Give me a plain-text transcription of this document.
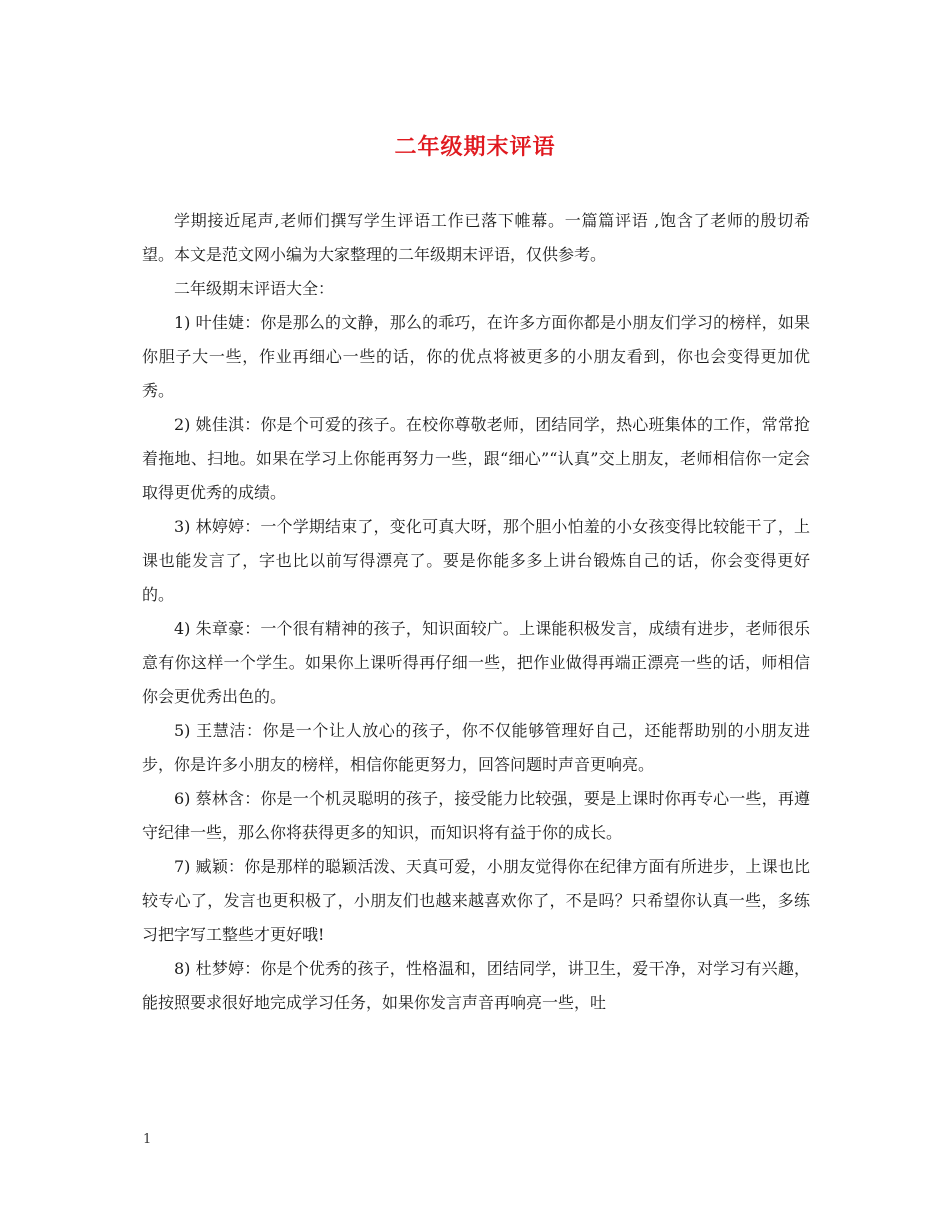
二年级期末评语

学期接近尾声,老师们撰写学生评语工作已落下帷幕。一篇篇评语 ,饱含了老师的殷切希望。本文是范文网小编为大家整理的二年级期末评语，仅供参考。

二年级期末评语大全：

1) 叶佳婕：你是那么的文静，那么的乖巧，在许多方面你都是小朋友们学习的榜样，如果你胆子大一些，作业再细心一些的话，你的优点将被更多的小朋友看到，你也会变得更加优秀。

2) 姚佳淇：你是个可爱的孩子。在校你尊敬老师，团结同学，热心班集体的工作，常常抢着拖地、扫地。如果在学习上你能再努力一些，跟“细心”“认真”交上朋友，老师相信你一定会取得更优秀的成绩。

3) 林婷婷：一个学期结束了，变化可真大呀，那个胆小怕羞的小女孩变得比较能干了，上课也能发言了，字也比以前写得漂亮了。要是你能多多上讲台锻炼自己的话，你会变得更好的。

4) 朱章豪：一个很有精神的孩子，知识面较广。上课能积极发言，成绩有进步，老师很乐意有你这样一个学生。如果你上课听得再仔细一些，把作业做得再端正漂亮一些的话，师相信你会更优秀出色的。

5) 王慧洁：你是一个让人放心的孩子，你不仅能够管理好自己，还能帮助别的小朋友进步，你是许多小朋友的榜样，相信你能更努力，回答问题时声音更响亮。

6) 蔡林含：你是一个机灵聪明的孩子，接受能力比较强，要是上课时你再专心一些，再遵守纪律一些，那么你将获得更多的知识，而知识将有益于你的成长。

7) 臧颖：你是那样的聪颖活泼、天真可爱，小朋友觉得你在纪律方面有所进步，上课也比较专心了，发言也更积极了，小朋友们也越来越喜欢你了，不是吗？只希望你认真一些，多练习把字写工整些才更好哦!

8) 杜梦婷：你是个优秀的孩子，性格温和，团结同学，讲卫生，爱干净，对学习有兴趣，能按照要求很好地完成学习任务，如果你发言声音再响亮一些，吐

1
